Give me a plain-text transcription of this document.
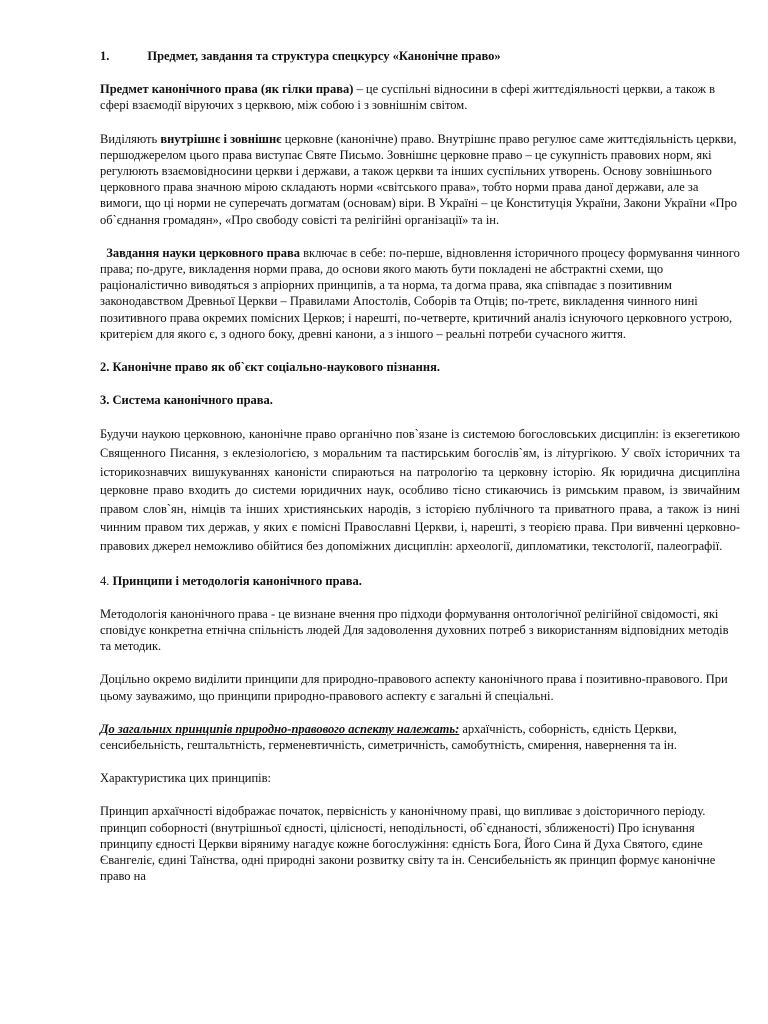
1.	Предмет, завдання та структура спецкурсу «Канонічне право»

Предмет канонічного права (як гілки права) – це суспільні відносини в сфері життєдіяльності церкви, а також в сфері взаємодії віруючих з церквою, між собою і з зовнішнім світом.

Виділяють внутрішнє і зовнішнє церковне (канонічне) право. Внутрішнє право регулює саме життєдіяльність церкви, першоджерелом цього права виступає Святе Письмо. Зовнішнє церковне право – це сукупність правових норм, які регулюють взаємовідносини церкви і держави, а також церкви та інших суспільних утворень. Основу зовнішнього церковного права значною мірою складають норми «світського права», тобто норми права даної держави, але за вимоги, що ці норми не суперечать догматам (основам) віри. В Україні – це Конституція України, Закони України «Про об`єднання громадян», «Про свободу совісті та релігійні організації» та ін.

Завдання науки церковного права включає в себе: по-перше, відновлення історичного процесу формування чинного права; по-друге, викладення норми права, до основи якого мають бути покладені не абстрактні схеми, що раціоналістично виводяться з апріорних принципів, а та норма, та догма права, яка співпадає з позитивним законодавством Древньої Церкви – Правилами Апостолів, Соборів та Отців; по-третє, викладення чинного нині позитивного права окремих помісних Церков; і нарешті, по-четверте, критичний аналіз існуючого церковного устрою, критерієм для якого є, з одного боку, древні канони, а з іншого – реальні потреби сучасного життя.

2. Канонічне право як об`єкт соціально-наукового пізнання.

3. Система канонічного права.

Будучи наукою церковною, канонічне право органічно пов`язане із системою богословських дисциплін: із екзегетикою Священного Писання, з еклезіологією, з моральним та пастирським богослів`ям, із літургікою. У своїх історичних та історикознавчих вишукуваннях каноністи спираються на патрологію та церковну історію. Як юридична дисципліна церковне право входить до системи юридичних наук, особливо тісно стикаючись із римським правом, із звичайним правом слов`ян, німців та інших християнських народів, з історією публічного та приватного права, а також із нині чинним правом тих держав, у яких є помісні Православні Церкви, і, нарешті, з теорією права. При вивченні церковно-правових джерел неможливо обійтися без допоміжних дисциплін: археології, дипломатики, текстології, палеографії.

4. Принципи і методологія канонічного права.

Методологія канонічного права - це визнане вчення про підходи формування онтологічної релігійної свідомості, які сповідує конкретна етнічна спільність людей Для задоволення духовних потреб з використанням відповідних методів та методик.

Доцільно окремо виділити принципи для природно-правового аспекту канонічного права і позитивно-правового. При цьому зауважимо, що принципи природно-правового аспекту є загальні й спеціальні.

До загальних принципів природно-правового аспекту належать: архаїчність, соборність, єдність Церкви, сенсибельність, гештальтність, герменевтичність, симетричність, самобутність, смирення, навернення та ін.

Характуристика цих принципів:

Принцип архаїчності відображає початок, первісність у канонічному праві, що випливає з доісторичного періоду. принцип соборності (внутрішньої єдності, цілісності, неподільності, об`єднаності, зближеності) Про існування принципу єдності Церкви віряниму нагадує кожне богослужіння: єдність Бога, Його Сина й Духа Святого, єдине Євангеліє, єдині Таїнства, одні природні закони розвитку світу та ін. Сенсибельність як принцип формує канонічне право на
